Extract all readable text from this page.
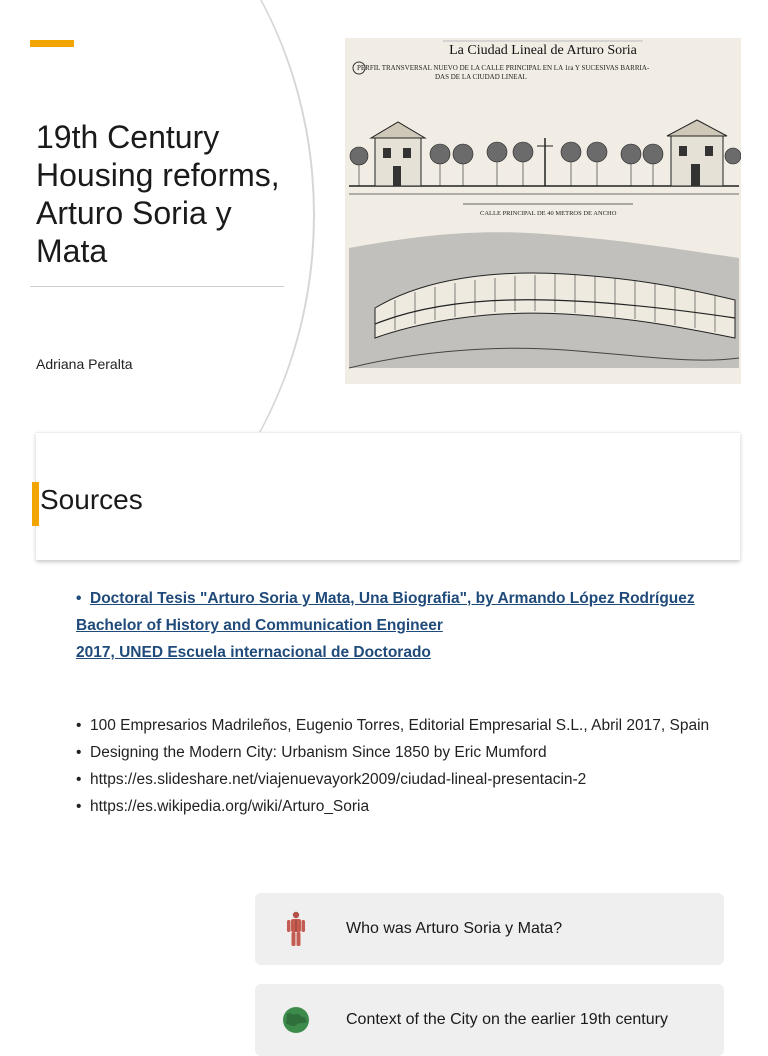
19th Century Housing reforms, Arturo Soria y Mata
Adriana Peralta
La Ciudad Lineal de Arturo Soria
PERFIL TRANSVERSAL NUEVO DE LA CALLE PRINCIPAL EN LA 1ra Y SUCESIVAS BARRIA-
DAS DE LA CIUDAD LINEAL
CALLE PRINCIPAL DE 40 METROS DE ANCHO
Sources
• Doctoral Tesis "Arturo Soria y Mata, Una Biografia", by Armando López Rodríguez
Bachelor of History and Communication Engineer
2017, UNED Escuela internacional de Doctorado
• 100 Empresarios Madrileños, Eugenio Torres, Editorial Empresarial S.L., Abril 2017, Spain
• Designing the Modern City: Urbanism Since 1850 by Eric Mumford
• https://es.slideshare.net/viajenuevayork2009/ciudad-lineal-presentacin-2
• https://es.wikipedia.org/wiki/Arturo_Soria
Who was Arturo Soria y Mata?
Context of the City on the earlier 19th century
